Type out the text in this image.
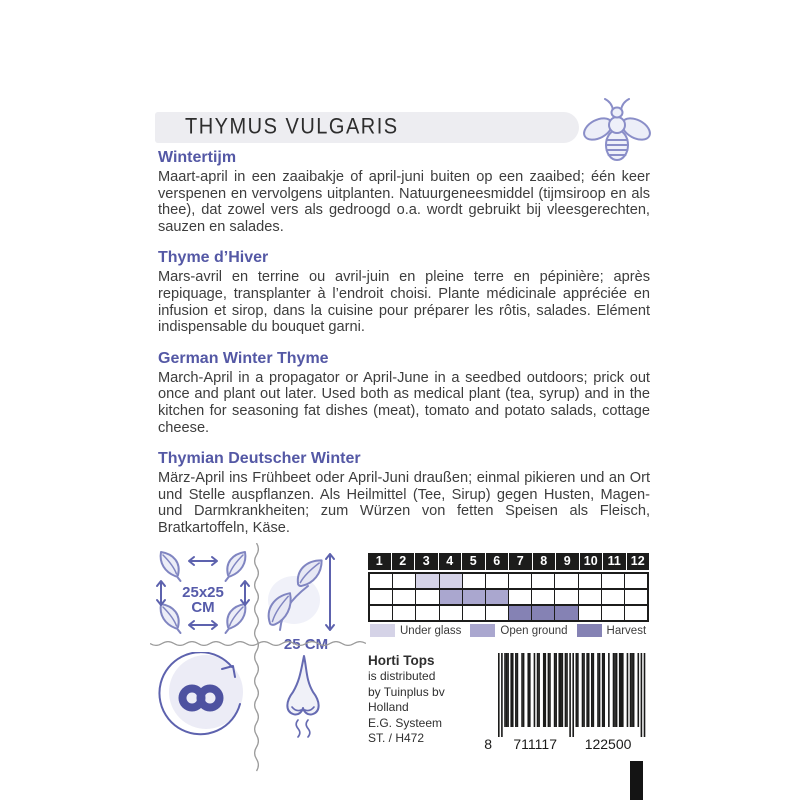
THYMUS VULGARIS
Wintertijm

Maart-april in een zaaibakje of april-juni buiten op een zaaibed; één keer verspenen en vervolgens uitplanten. Natuurgeneesmiddel (tijmsiroop en als thee), dat zowel vers als gedroogd o.a. wordt gebruikt bij vleesgerechten, sauzen en salades.

Thyme d’Hiver

Mars-avril en terrine ou avril-juin en pleine terre en pépinière; après repiquage, transplanter à l’endroit choisi. Plante médicinale appréciée en infusion et sirop, dans la cuisine pour préparer les rôtis, salades. Elément indispensable du bouquet garni.

German Winter Thyme

March-April in a propagator or April-June in a seedbed outdoors; prick out once and plant out later. Used both as medical plant (tea, syrup) and in the kitchen for seasoning fat dishes (meat), tomato and potato salads, cottage cheese.

Thymian Deutscher Winter

März-April ins Frühbeet oder April-Juni draußen; einmal pikieren und an Ort und Stelle auspflanzen. Als Heilmittel (Tee, Sirup) gegen Husten, Magen- und Darmkrankheiten; zum Würzen von fetten Speisen als Fleisch, Bratkartoffeln, Käse.

25x25
CM
25 CM
1	2	3	4	5	6	7	8	9	10 11 12
Under glass	Open ground	Harvest
Horti Tops
is distributed
by Tuinplus bv
Holland
E.G. Systeem
ST. / H472	8 711117 122500
